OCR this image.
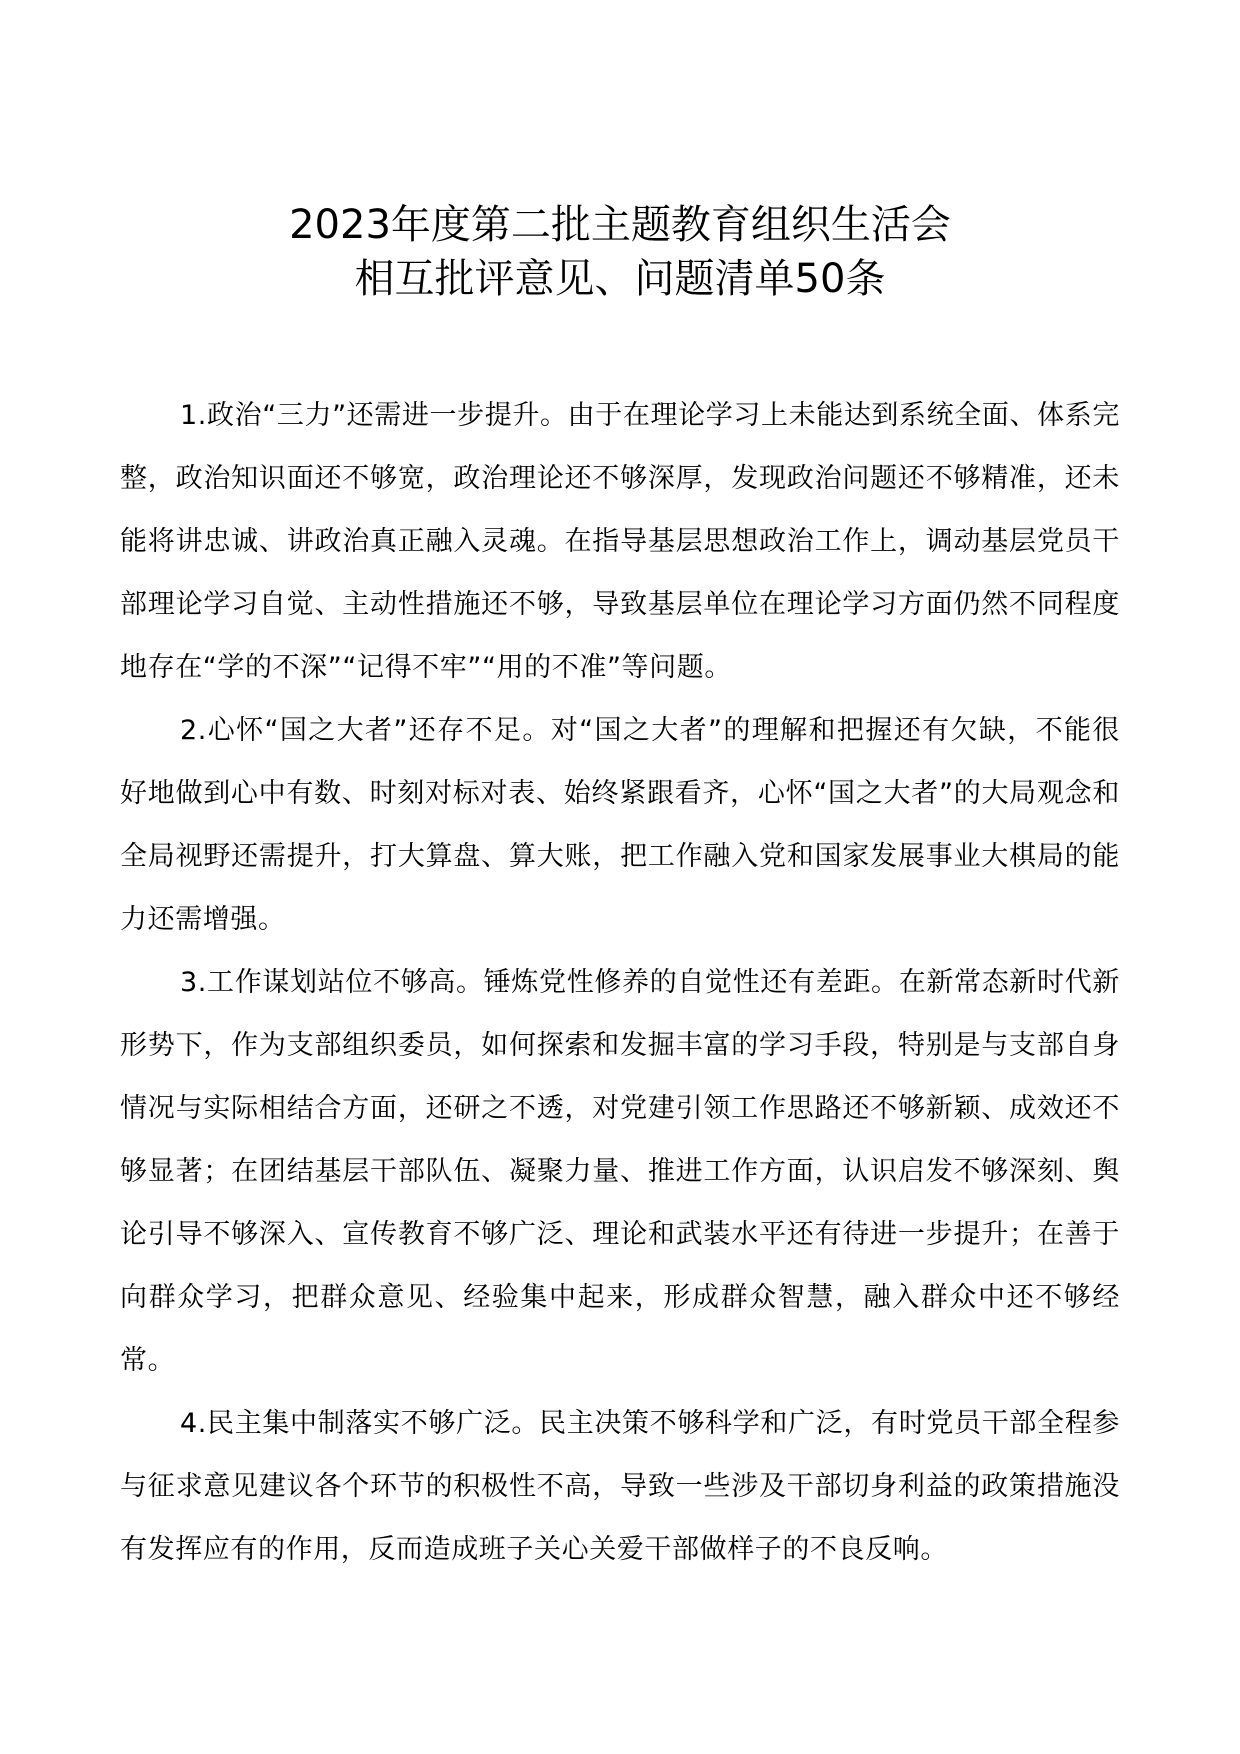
2023年度第二批主题教育组织生活会
相互批评意见、问题清单50条

1.政治“三力”还需进一步提升。由于在理论学习上未能达到系统全面、体系完整，政治知识面还不够宽，政治理论还不够深厚，发现政治问题还不够精准，还未能将讲忠诚、讲政治真正融入灵魂。在指导基层思想政治工作上，调动基层党员干部理论学习自觉、主动性措施还不够，导致基层单位在理论学习方面仍然不同程度地存在“学的不深”“记得不牢”“用的不准”等问题。

2.心怀“国之大者”还存不足。对“国之大者”的理解和把握还有欠缺，不能很好地做到心中有数、时刻对标对表、始终紧跟看齐，心怀“国之大者”的大局观念和全局视野还需提升，打大算盘、算大账，把工作融入党和国家发展事业大棋局的能力还需增强。

3.工作谋划站位不够高。锤炼党性修养的自觉性还有差距。在新常态新时代新形势下，作为支部组织委员，如何探索和发掘丰富的学习手段，特别是与支部自身情况与实际相结合方面，还研之不透，对党建引领工作思路还不够新颖、成效还不够显著；在团结基层干部队伍、凝聚力量、推进工作方面，认识启发不够深刻、舆论引导不够深入、宣传教育不够广泛、理论和武装水平还有待进一步提升；在善于向群众学习，把群众意见、经验集中起来，形成群众智慧，融入群众中还不够经常。

4.民主集中制落实不够广泛。民主决策不够科学和广泛，有时党员干部全程参与征求意见建议各个环节的积极性不高，导致一些涉及干部切身利益的政策措施没有发挥应有的作用，反而造成班子关心关爱干部做样子的不良反响。
